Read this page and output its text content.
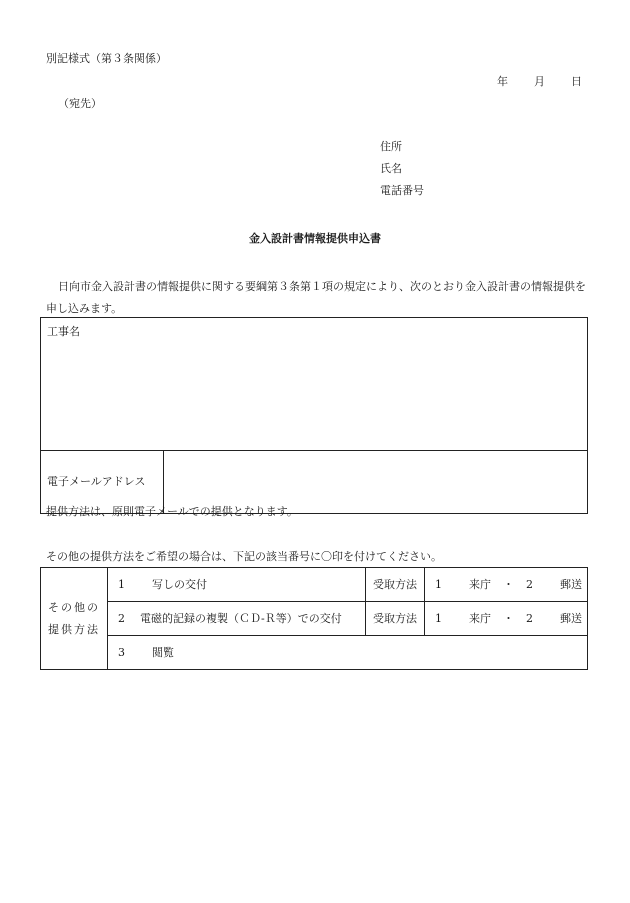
別記様式（第３条関係）
年 月 日
（宛先）
住所
氏名
電話番号
金入設計書情報提供申込書
日向市金入設計書の情報提供に関する要綱第３条第１項の規定により、次のとおり金入設計書の情報提供を申し込みます。
工事名
電子メールアドレス	
提供方法は、原則電子メールでの提供となります。
その他の提供方法をご希望の場合は、下記の該当番号に〇印を付けてください。
その他の
提供方法	1 写しの交付	受取方法	1 来庁 ・ 2 郵送
	2 電磁的記録の複製（ＣＤ-Ｒ等）での交付	受取方法	1 来庁 ・ 2 郵送
	3 閲覧		
